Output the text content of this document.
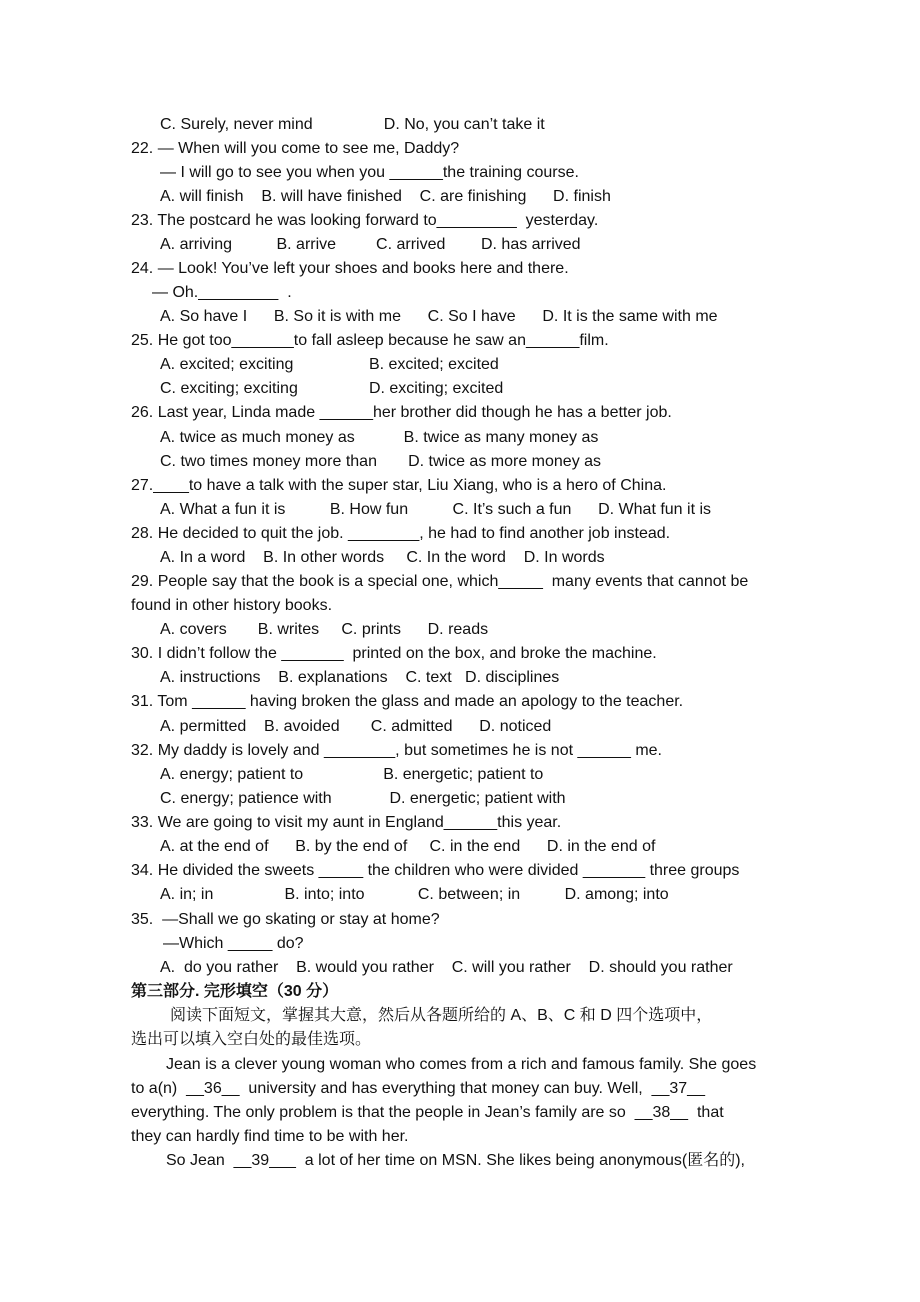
C. Surely, never mind                D. No, you can’t take it

22. — When will you come to see me, Daddy?

— I will go to see you when you ______the training course.

A. will finish    B. will have finished    C. are finishing      D. finish

23. The postcard he was looking forward to_________  yesterday.

A. arriving          B. arrive         C. arrived        D. has arrived

24. — Look! You’ve left your shoes and books here and there.

— Oh._________  .

A. So have I      B. So it is with me      C. So I have      D. It is the same with me

25. He got too_______to fall asleep because he saw an______film.

A. excited; exciting                 B. excited; excited

C. exciting; exciting                D. exciting; excited

26. Last year, Linda made ______her brother did though he has a better job.

A. twice as much money as           B. twice as many money as

C. two times money more than       D. twice as more money as

27.____to have a talk with the super star, Liu Xiang, who is a hero of China.

A. What a fun it is          B. How fun          C. It’s such a fun      D. What fun it is

28. He decided to quit the job. ________, he had to find another job instead.

A. In a word    B. In other words     C. In the word    D. In words

29. People say that the book is a special one, which_____  many events that cannot be

found in other history books.

A. covers       B. writes     C. prints      D. reads

30. I didn’t follow the _______  printed on the box, and broke the machine.

A. instructions    B. explanations    C. text   D. disciplines

31. Tom ______ having broken the glass and made an apology to the teacher.

A. permitted    B. avoided       C. admitted      D. noticed

32. My daddy is lovely and ________, but sometimes he is not ______ me.

A. energy; patient to                  B. energetic; patient to

C. energy; patience with             D. energetic; patient with

33. We are going to visit my aunt in England______this year.

A. at the end of      B. by the end of     C. in the end      D. in the end of

34. He divided the sweets _____ the children who were divided _______ three groups

A. in; in                B. into; into            C. between; in          D. among; into

35.  —Shall we go skating or stay at home?

—Which _____ do?

A.  do you rather    B. would you rather    C. will you rather    D. should you rather

第三部分. 完形填空（30 分）

阅读下面短文，掌握其大意，然后从各题所给的 A、B、C 和 D 四个选项中，

选出可以填入空白处的最佳选项。

Jean is a clever young woman who comes from a rich and famous family. She goes

to a(n)  __36__  university and has everything that money can buy. Well,  __37__

everything. The only problem is that the people in Jean’s family are so  __38__  that

they can hardly find time to be with her.

So Jean  __39___  a lot of her time on MSN. She likes being anonymous(匿名的),
